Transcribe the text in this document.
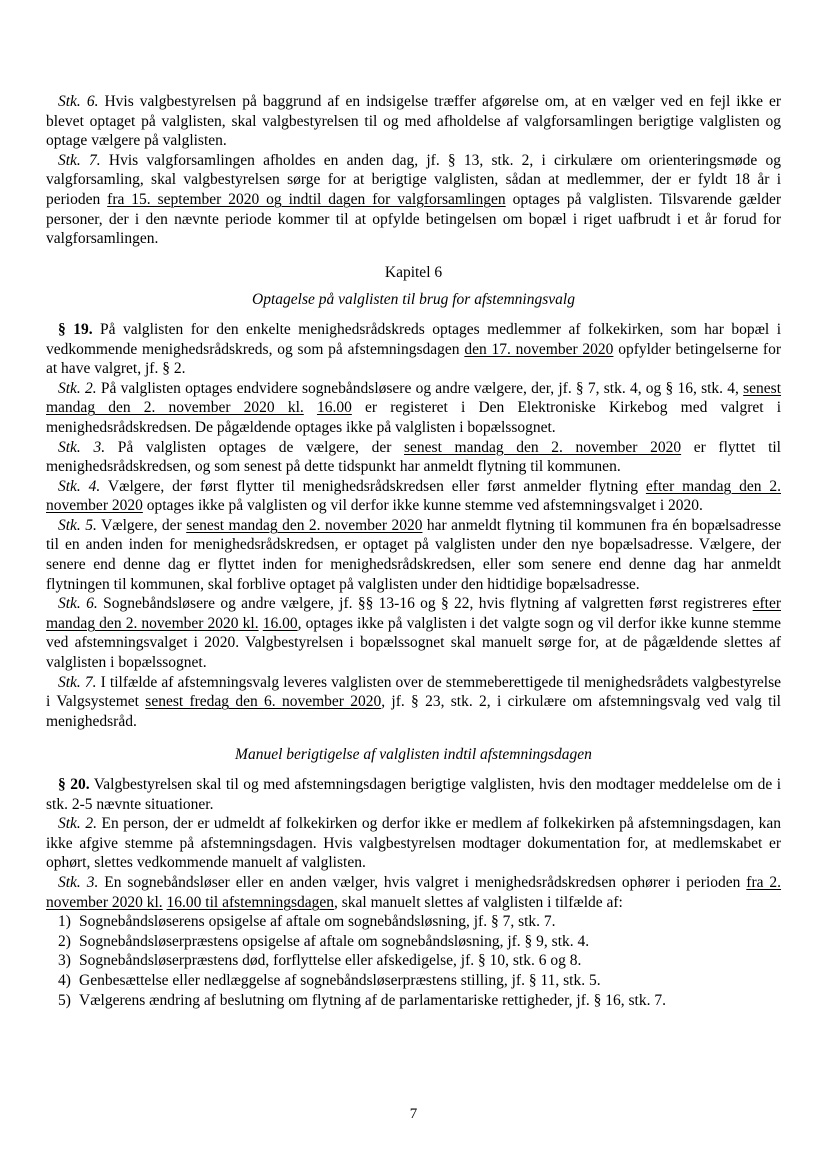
Stk. 6. Hvis valgbestyrelsen på baggrund af en indsigelse træffer afgørelse om, at en vælger ved en fejl ikke er blevet optaget på valglisten, skal valgbestyrelsen til og med afholdelse af valgforsamlingen berigtige valglisten og optage vælgere på valglisten.

Stk. 7. Hvis valgforsamlingen afholdes en anden dag, jf. § 13, stk. 2, i cirkulære om orienteringsmøde og valgforsamling, skal valgbestyrelsen sørge for at berigtige valglisten, sådan at medlemmer, der er fyldt 18 år i perioden fra 15. september 2020 og indtil dagen for valgforsamlingen optages på valglisten. Tilsvarende gælder personer, der i den nævnte periode kommer til at opfylde betingelsen om bopæl i riget uafbrudt i et år forud for valgforsamlingen.

Kapitel 6

Optagelse på valglisten til brug for afstemningsvalg

§ 19. På valglisten for den enkelte menighedsrådskreds optages medlemmer af folkekirken, som har bopæl i vedkommende menighedsrådskreds, og som på afstemningsdagen den 17. november 2020 opfylder betingelserne for at have valgret, jf. § 2.

Stk. 2. På valglisten optages endvidere sognebåndsløsere og andre vælgere, der, jf. § 7, stk. 4, og § 16, stk. 4, senest mandag den 2. november 2020 kl. 16.00 er registeret i Den Elektroniske Kirkebog med valgret i menighedsrådskredsen. De pågældende optages ikke på valglisten i bopælssognet.

Stk. 3. På valglisten optages de vælgere, der senest mandag den 2. november 2020 er flyttet til menighedsrådskredsen, og som senest på dette tidspunkt har anmeldt flytning til kommunen.

Stk. 4. Vælgere, der først flytter til menighedsrådskredsen eller først anmelder flytning efter mandag den 2. november 2020 optages ikke på valglisten og vil derfor ikke kunne stemme ved afstemningsvalget i 2020.

Stk. 5. Vælgere, der senest mandag den 2. november 2020 har anmeldt flytning til kommunen fra én bopælsadresse til en anden inden for menighedsrådskredsen, er optaget på valglisten under den nye bopælsadresse. Vælgere, der senere end denne dag er flyttet inden for menighedsrådskredsen, eller som senere end denne dag har anmeldt flytningen til kommunen, skal forblive optaget på valglisten under den hidtidige bopælsadresse.

Stk. 6. Sognebåndsløsere og andre vælgere, jf. §§ 13-16 og § 22, hvis flytning af valgretten først registreres efter mandag den 2. november 2020 kl. 16.00, optages ikke på valglisten i det valgte sogn og vil derfor ikke kunne stemme ved afstemningsvalget i 2020. Valgbestyrelsen i bopælssognet skal manuelt sørge for, at de pågældende slettes af valglisten i bopælssognet.

Stk. 7. I tilfælde af afstemningsvalg leveres valglisten over de stemmeberettigede til menighedsrådets valgbestyrelse i Valgsystemet senest fredag den 6. november 2020, jf. § 23, stk. 2, i cirkulære om afstemningsvalg ved valg til menighedsråd.

Manuel berigtigelse af valglisten indtil afstemningsdagen

§ 20. Valgbestyrelsen skal til og med afstemningsdagen berigtige valglisten, hvis den modtager meddelelse om de i stk. 2-5 nævnte situationer.

Stk. 2. En person, der er udmeldt af folkekirken og derfor ikke er medlem af folkekirken på afstemningsdagen, kan ikke afgive stemme på afstemningsdagen. Hvis valgbestyrelsen modtager dokumentation for, at medlemskabet er ophørt, slettes vedkommende manuelt af valglisten.

Stk. 3. En sognebåndsløser eller en anden vælger, hvis valgret i menighedsrådskredsen ophører i perioden fra 2. november 2020 kl. 16.00 til afstemningsdagen, skal manuelt slettes af valglisten i tilfælde af:

1) Sognebåndsløserens opsigelse af aftale om sognebåndsløsning, jf. § 7, stk. 7.

2) Sognebåndsløserpræstens opsigelse af aftale om sognebåndsløsning, jf. § 9, stk. 4.

3) Sognebåndsløserpræstens død, forflyttelse eller afskedigelse, jf. § 10, stk. 6 og 8.

4) Genbesættelse eller nedlæggelse af sognebåndsløserpræstens stilling, jf. § 11, stk. 5.

5) Vælgerens ændring af beslutning om flytning af de parlamentariske rettigheder, jf. § 16, stk. 7.

7
